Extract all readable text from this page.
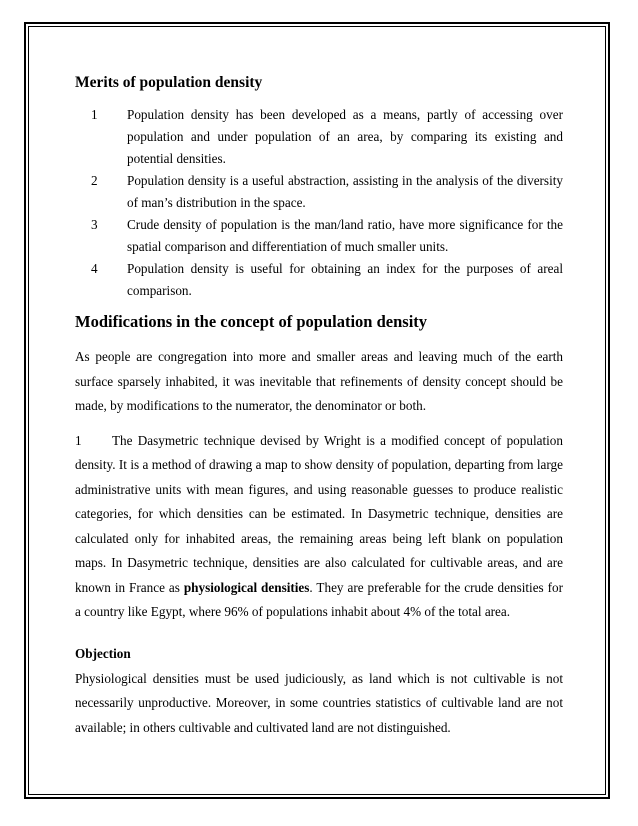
Merits of population density
1	Population density has been developed as a means, partly of accessing over population and under population of an area, by comparing its existing and potential densities.
2	Population density is a useful abstraction, assisting in the analysis of the diversity of man’s distribution in the space.
3	Crude density of population is the man/land ratio, have more significance for the spatial comparison and differentiation of much smaller units.
4	Population density is useful for obtaining an index for the purposes of areal comparison.
Modifications in the concept of population density

As people are congregation into more and smaller areas and leaving much of the earth surface sparsely inhabited, it was inevitable that refinements of density concept should be made, by modifications to the numerator, the denominator or both.

1 The Dasymetric technique devised by Wright is a modified concept of population density. It is a method of drawing a map to show density of population, departing from large administrative units with mean figures, and using reasonable guesses to produce realistic categories, for which densities can be estimated. In Dasymetric technique, densities are calculated only for inhabited areas, the remaining areas being left blank on population maps. In Dasymetric technique, densities are also calculated for cultivable areas, and are known in France as physiological densities. They are preferable for the crude densities for a country like Egypt, where 96% of populations inhabit about 4% of the total area.

Objection

Physiological densities must be used judiciously, as land which is not cultivable is not necessarily unproductive. Moreover, in some countries statistics of cultivable land are not available; in others cultivable and cultivated land are not distinguished.
